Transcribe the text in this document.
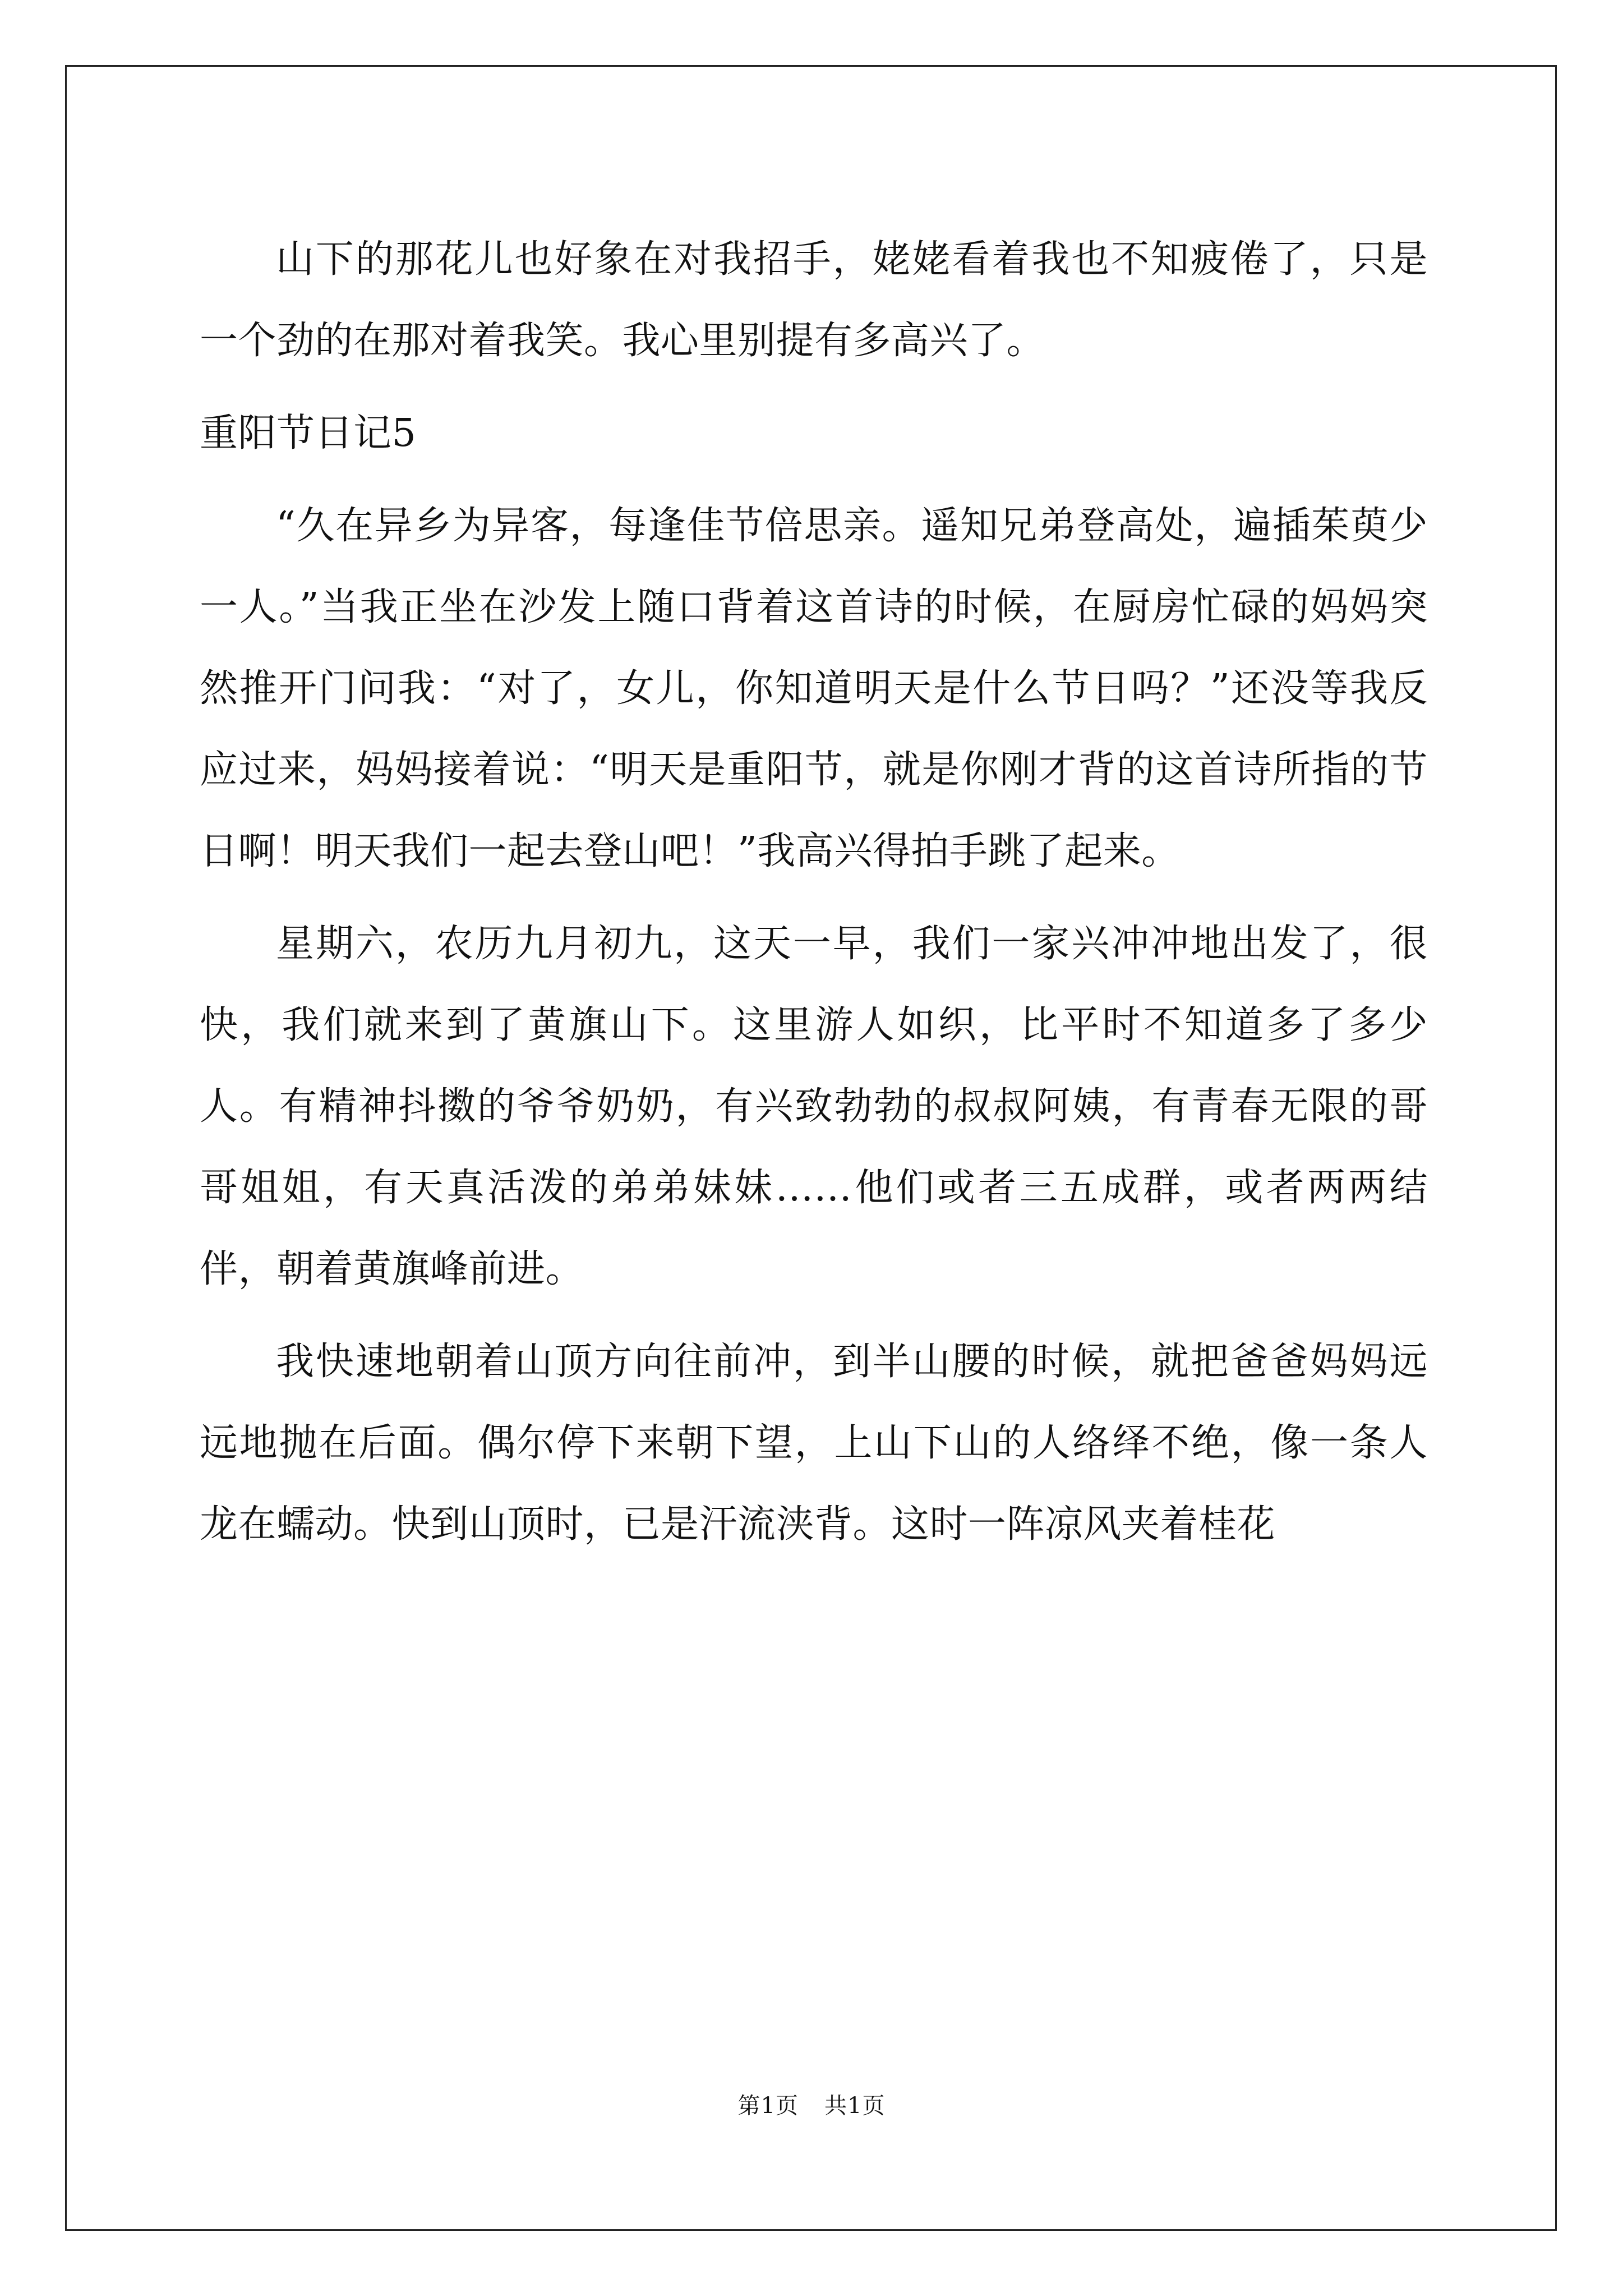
山下的那花儿也好象在对我招手，姥姥看着我也不知疲倦了，只是一个劲的在那对着我笑。我心里别提有多高兴了。

重阳节日记5

“久在异乡为异客，每逢佳节倍思亲。遥知兄弟登高处，遍插茱萸少一人。”当我正坐在沙发上随口背着这首诗的时候，在厨房忙碌的妈妈突然推开门问我：“对了，女儿，你知道明天是什么节日吗？”还没等我反应过来，妈妈接着说：“明天是重阳节，就是你刚才背的这首诗所指的节日啊！明天我们一起去登山吧！”我高兴得拍手跳了起来。

星期六，农历九月初九，这天一早，我们一家兴冲冲地出发了，很快，我们就来到了黄旗山下。这里游人如织，比平时不知道多了多少人。有精神抖擞的爷爷奶奶，有兴致勃勃的叔叔阿姨，有青春无限的哥哥姐姐，有天真活泼的弟弟妹妹……他们或者三五成群，或者两两结伴，朝着黄旗峰前进。

我快速地朝着山顶方向往前冲，到半山腰的时候，就把爸爸妈妈远远地抛在后面。偶尔停下来朝下望，上山下山的人络绎不绝，像一条人龙在蠕动。快到山顶时，已是汗流浃背。这时一阵凉风夹着桂花

第1页 共1页
